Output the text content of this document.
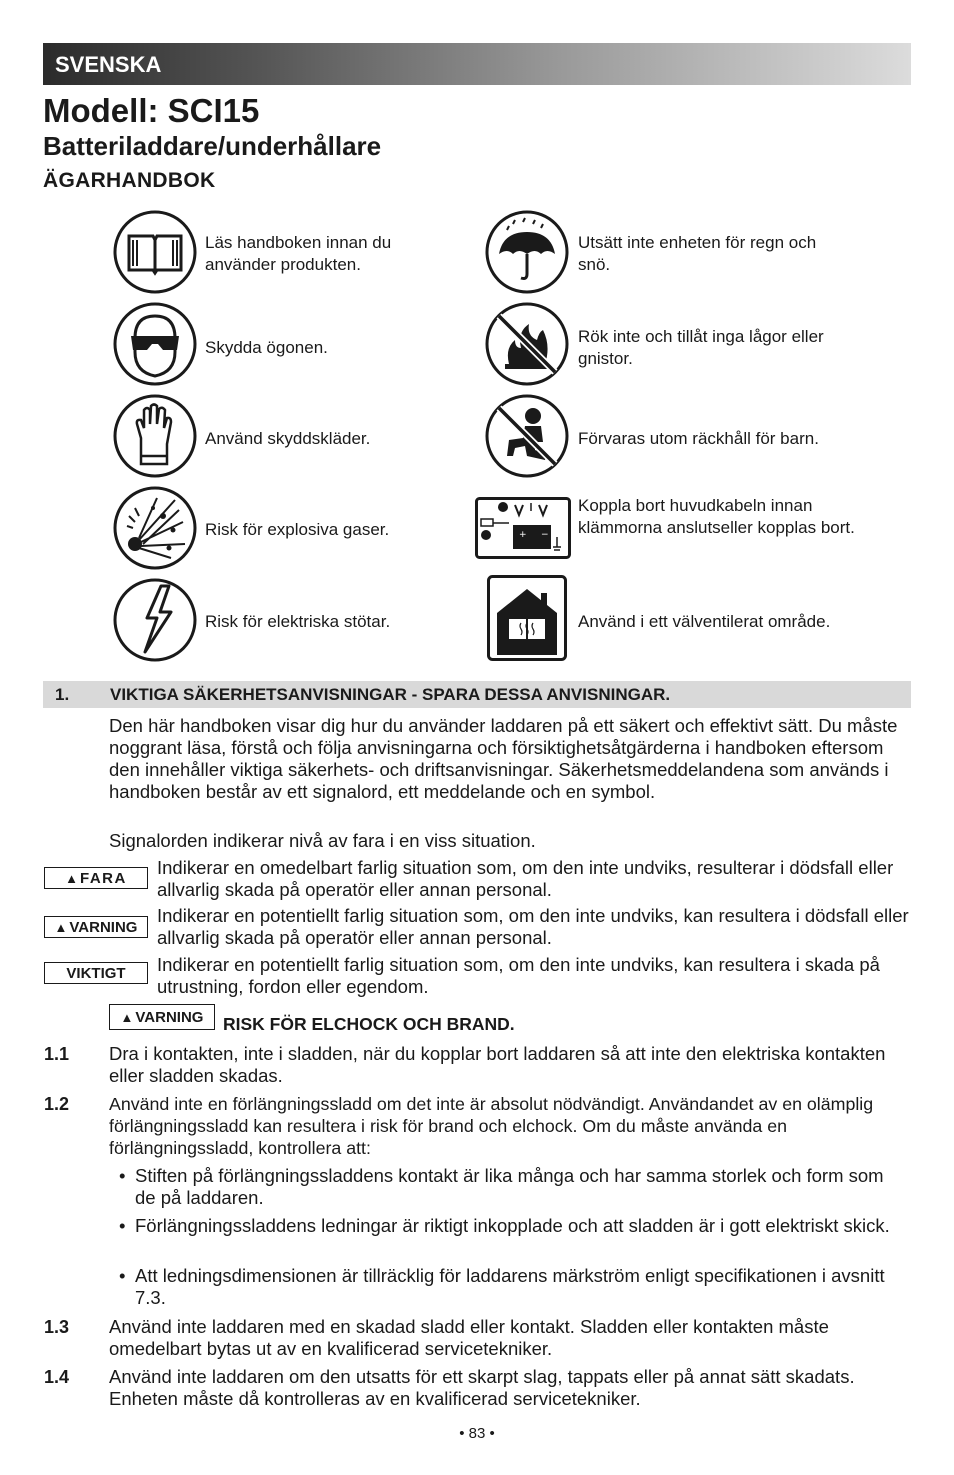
SVENSKA
Modell: SCI15
Batteriladdare/underhållare
ÄGARHANDBOK
Läs handboken innan du använder produkten.
Skydda ögonen.
Använd skyddskläder.
Risk för explosiva gaser.
Risk för elektriska stötar.
Utsätt inte enheten för regn och snö.
Rök inte och tillåt inga lågor eller gnistor.
Förvaras utom räckhåll för barn.
+ −
Koppla bort huvudkabeln innan klämmorna anslutseller kopplas bort.
Använd i ett välventilerat område.
1. VIKTIGA SÄKERHETSANVISNINGAR - SPARA DESSA ANVISNINGAR.

Den här handboken visar dig hur du använder laddaren på ett säkert och effektivt sätt. Du måste noggrant läsa, förstå och följa anvisningarna och försiktighetsåtgärderna i handboken eftersom den innehåller viktiga säkerhets- och driftsanvisningar. Säkerhetsmeddelandena som används i handboken består av ett signalord, ett meddelande och en symbol.

Signalorden indikerar nivå av fara i en viss situation.

▲ FARA Indikerar en omedelbart farlig situation som, om den inte undviks, resulterar i dödsfall eller allvarlig skada på operatör eller annan personal.

▲ VARNING

Indikerar en potentiellt farlig situation som, om den inte undviks, kan resultera i dödsfall eller allvarlig skada på operatör eller annan personal.

VIKTIGT Indikerar en potentiellt farlig situation som, om den inte undviks, kan resultera i skada på utrustning, fordon eller egendom.

▲ VARNING RISK FÖR ELCHOCK OCH BRAND.
1.1 Dra i kontakten, inte i sladden, när du kopplar bort laddaren så att inte den elektriska kontakten eller sladden skadas.

1.2 Använd inte en förlängningssladd om det inte är absolut nödvändigt. Användandet av en olämplig förlängningssladd kan resultera i risk för brand och elchock. Om du måste använda en förlängningssladd, kontrollera att:

• Stiften på förlängningssladdens kontakt är lika många och har samma storlek och form som de på laddaren.
• Förlängningssladdens ledningar är riktigt inkopplade och att sladden är i gott elektriskt skick.
• Att ledningsdimensionen är tillräcklig för laddarens märkström enligt specifikationen i avsnitt 7.3.
1.3 Använd inte laddaren med en skadad sladd eller kontakt. Sladden eller kontakten måste omedelbart bytas ut av en kvalificerad servicetekniker.

1.4 Använd inte laddaren om den utsatts för ett skarpt slag, tappats eller på annat sätt skadats. Enheten måste då kontrolleras av en kvalificerad servicetekniker.

• 83 •
